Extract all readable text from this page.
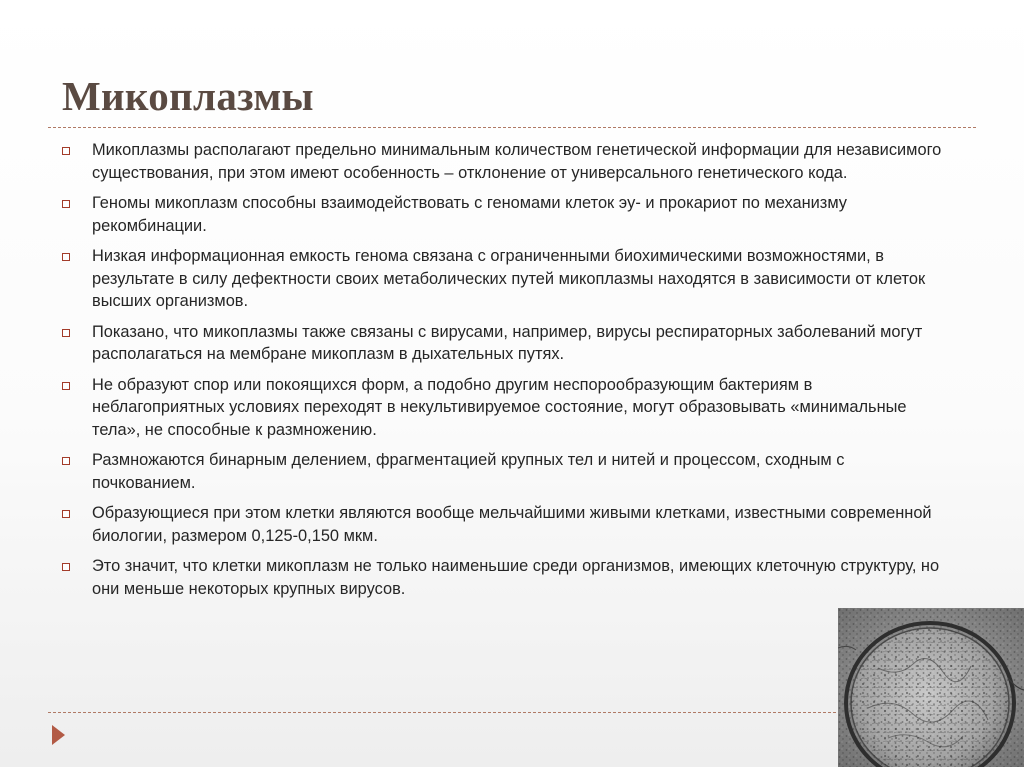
Микоплазмы
Микоплазмы располагают предельно минимальным количеством генетической информации для независимого существования, при этом имеют особенность – отклонение от универсального генетического кода.
Геномы микоплазм способны взаимодействовать с геномами клеток эу- и прокариот по механизму рекомбинации.
Низкая информационная емкость генома связана с ограниченными биохимическими возможностями, в результате в силу дефектности своих метаболических путей микоплазмы находятся в зависимости от клеток высших организмов.
Показано, что микоплазмы также связаны с вирусами, например, вирусы респираторных заболеваний могут располагаться на мембране микоплазм в дыхательных путях.
Не образуют спор или покоящихся форм, а подобно другим неспорообразующим бактериям в неблагоприятных условиях переходят в некультивируемое состояние, могут образовывать «минимальные тела», не способные к размножению.
Размножаются бинарным делением, фрагментацией крупных тел и нитей и процессом, сходным с почкованием.
Образующиеся при этом клетки являются вообще мельчайшими живыми клетками, известными современной биологии, размером 0,125-0,150 мкм.
Это значит, что клетки микоплазм не только наименьшие среди организмов, имеющих клеточную структуру, но они меньше некоторых крупных вирусов.
